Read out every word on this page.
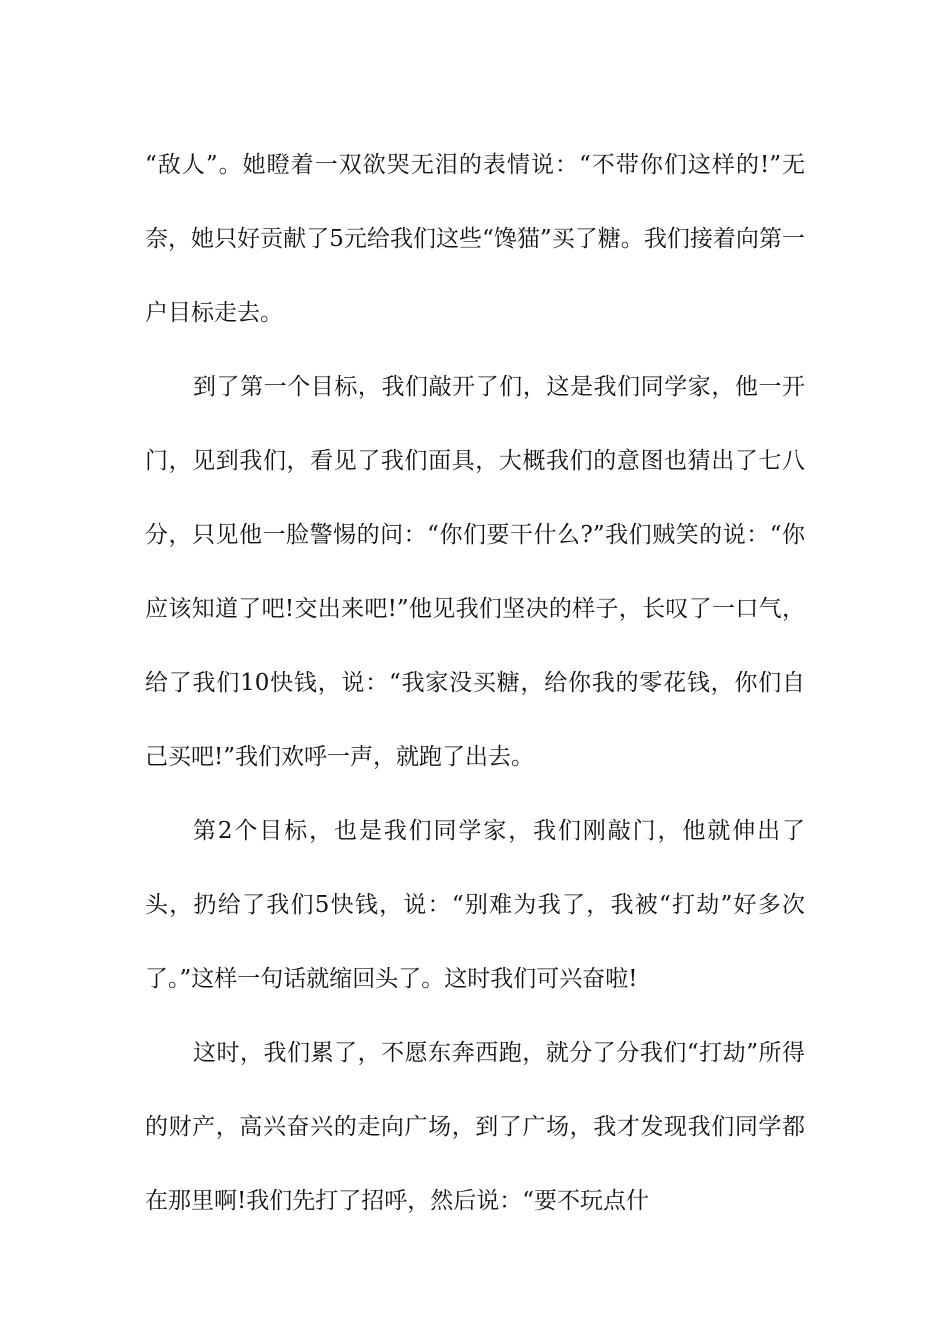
“敌人”。她瞪着一双欲哭无泪的表情说：“不带你们这样的!”无奈，她只好贡献了5元给我们这些“馋猫”买了糖。我们接着向第一户目标走去。

到了第一个目标，我们敲开了们，这是我们同学家，他一开门，见到我们，看见了我们面具，大概我们的意图也猜出了七八分，只见他一脸警惕的问：“你们要干什么?”我们贼笑的说：“你应该知道了吧!交出来吧!”他见我们坚决的样子，长叹了一口气，给了我们10快钱，说：“我家没买糖，给你我的零花钱，你们自己买吧!”我们欢呼一声，就跑了出去。

第2个目标，也是我们同学家，我们刚敲门，他就伸出了头，扔给了我们5快钱，说：“别难为我了，我被“打劫”好多次了。”这样一句话就缩回头了。这时我们可兴奋啦!

这时，我们累了，不愿东奔西跑，就分了分我们“打劫”所得的财产，高兴奋兴的走向广场，到了广场，我才发现我们同学都在那里啊!我们先打了招呼，然后说：“要不玩点什
